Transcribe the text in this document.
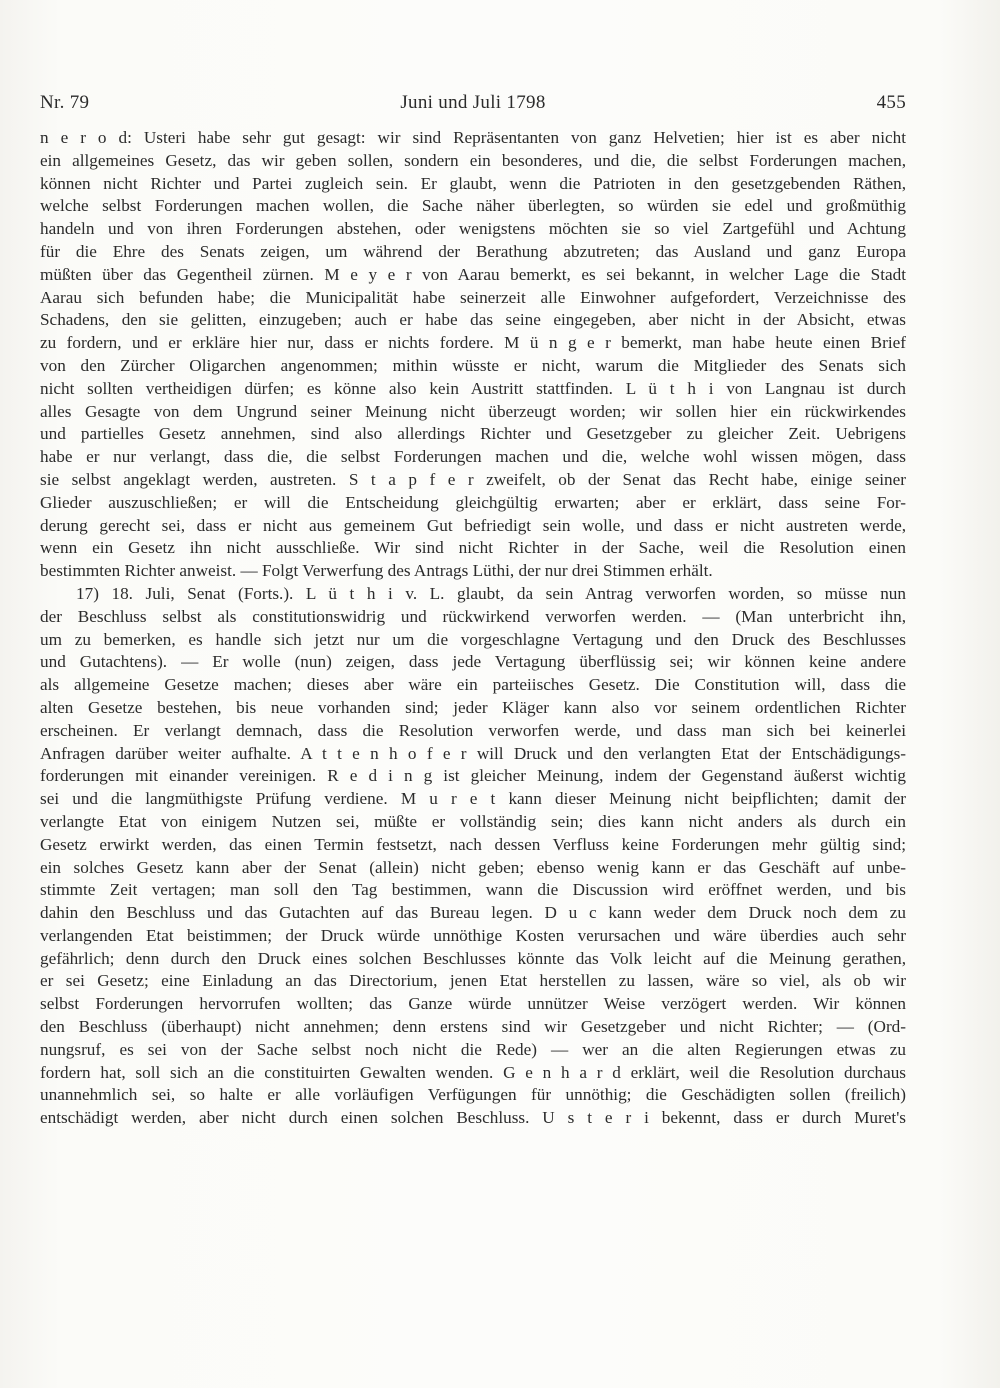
Nr. 79	Juni und Juli 1798	455
n e r o d: Usteri habe sehr gut gesagt: wir sind Repräsentanten von ganz Helvetien; hier ist es aber nicht
ein allgemeines Gesetz, das wir geben sollen, sondern ein besonderes, und die, die selbst Forderungen machen,
können nicht Richter und Partei zugleich sein. Er glaubt, wenn die Patrioten in den gesetzgebenden Räthen,
welche selbst Forderungen machen wollen, die Sache näher überlegten, so würden sie edel und großmüthig
handeln und von ihren Forderungen abstehen, oder wenigstens möchten sie so viel Zartgefühl und Achtung
für die Ehre des Senats zeigen, um während der Berathung abzutreten; das Ausland und ganz Europa
müßten über das Gegentheil zürnen. M e y e r von Aarau bemerkt, es sei bekannt, in welcher Lage die Stadt
Aarau sich befunden habe; die Municipalität habe seinerzeit alle Einwohner aufgefordert, Verzeichnisse des
Schadens, den sie gelitten, einzugeben; auch er habe das seine eingegeben, aber nicht in der Absicht, etwas
zu fordern, und er erkläre hier nur, dass er nichts fordere. M ü n g e r bemerkt, man habe heute einen Brief
von den Zürcher Oligarchen angenommen; mithin wüsste er nicht, warum die Mitglieder des Senats sich
nicht sollten vertheidigen dürfen; es könne also kein Austritt stattfinden. L ü t h i von Langnau ist durch
alles Gesagte von dem Ungrund seiner Meinung nicht überzeugt worden; wir sollen hier ein rückwirkendes
und partielles Gesetz annehmen, sind also allerdings Richter und Gesetzgeber zu gleicher Zeit. Uebrigens
habe er nur verlangt, dass die, die selbst Forderungen machen und die, welche wohl wissen mögen, dass
sie selbst angeklagt werden, austreten. S t a p f e r zweifelt, ob der Senat das Recht habe, einige seiner
Glieder auszuschließen; er will die Entscheidung gleichgültig erwarten; aber er erklärt, dass seine For-
derung gerecht sei, dass er nicht aus gemeinem Gut befriedigt sein wolle, und dass er nicht austreten werde,
wenn ein Gesetz ihn nicht ausschließe. Wir sind nicht Richter in der Sache, weil die Resolution einen
bestimmten Richter anweist. — Folgt Verwerfung des Antrags Lüthi, der nur drei Stimmen erhält.
17) 18. Juli, Senat (Forts.). L ü t h i v. L. glaubt, da sein Antrag verworfen worden, so müsse nun
der Beschluss selbst als constitutionswidrig und rückwirkend verworfen werden. — (Man unterbricht ihn,
um zu bemerken, es handle sich jetzt nur um die vorgeschlagne Vertagung und den Druck des Beschlusses
und Gutachtens). — Er wolle (nun) zeigen, dass jede Vertagung überflüssig sei; wir können keine andere
als allgemeine Gesetze machen; dieses aber wäre ein parteiisches Gesetz. Die Constitution will, dass die
alten Gesetze bestehen, bis neue vorhanden sind; jeder Kläger kann also vor seinem ordentlichen Richter
erscheinen. Er verlangt demnach, dass die Resolution verworfen werde, und dass man sich bei keinerlei
Anfragen darüber weiter aufhalte. A t t e n h o f e r will Druck und den verlangten Etat der Entschädigungs-
forderungen mit einander vereinigen. R e d i n g ist gleicher Meinung, indem der Gegenstand äußerst wichtig
sei und die langmüthigste Prüfung verdiene. M u r e t kann dieser Meinung nicht beipflichten; damit der
verlangte Etat von einigem Nutzen sei, müßte er vollständig sein; dies kann nicht anders als durch ein
Gesetz erwirkt werden, das einen Termin festsetzt, nach dessen Verfluss keine Forderungen mehr gültig sind;
ein solches Gesetz kann aber der Senat (allein) nicht geben; ebenso wenig kann er das Geschäft auf unbe-
stimmte Zeit vertagen; man soll den Tag bestimmen, wann die Discussion wird eröffnet werden, und bis
dahin den Beschluss und das Gutachten auf das Bureau legen. D u c kann weder dem Druck noch dem zu
verlangenden Etat beistimmen; der Druck würde unnöthige Kosten verursachen und wäre überdies auch sehr
gefährlich; denn durch den Druck eines solchen Beschlusses könnte das Volk leicht auf die Meinung gerathen,
er sei Gesetz; eine Einladung an das Directorium, jenen Etat herstellen zu lassen, wäre so viel, als ob wir
selbst Forderungen hervorrufen wollten; das Ganze würde unnützer Weise verzögert werden. Wir können
den Beschluss (überhaupt) nicht annehmen; denn erstens sind wir Gesetzgeber und nicht Richter; — (Ord-
nungsruf, es sei von der Sache selbst noch nicht die Rede) — wer an die alten Regierungen etwas zu
fordern hat, soll sich an die constituirten Gewalten wenden. G e n h a r d erklärt, weil die Resolution durchaus
unannehmlich sei, so halte er alle vorläufigen Verfügungen für unnöthig; die Geschädigten sollen (freilich)
entschädigt werden, aber nicht durch einen solchen Beschluss. U s t e r i bekennt, dass er durch Muret's
